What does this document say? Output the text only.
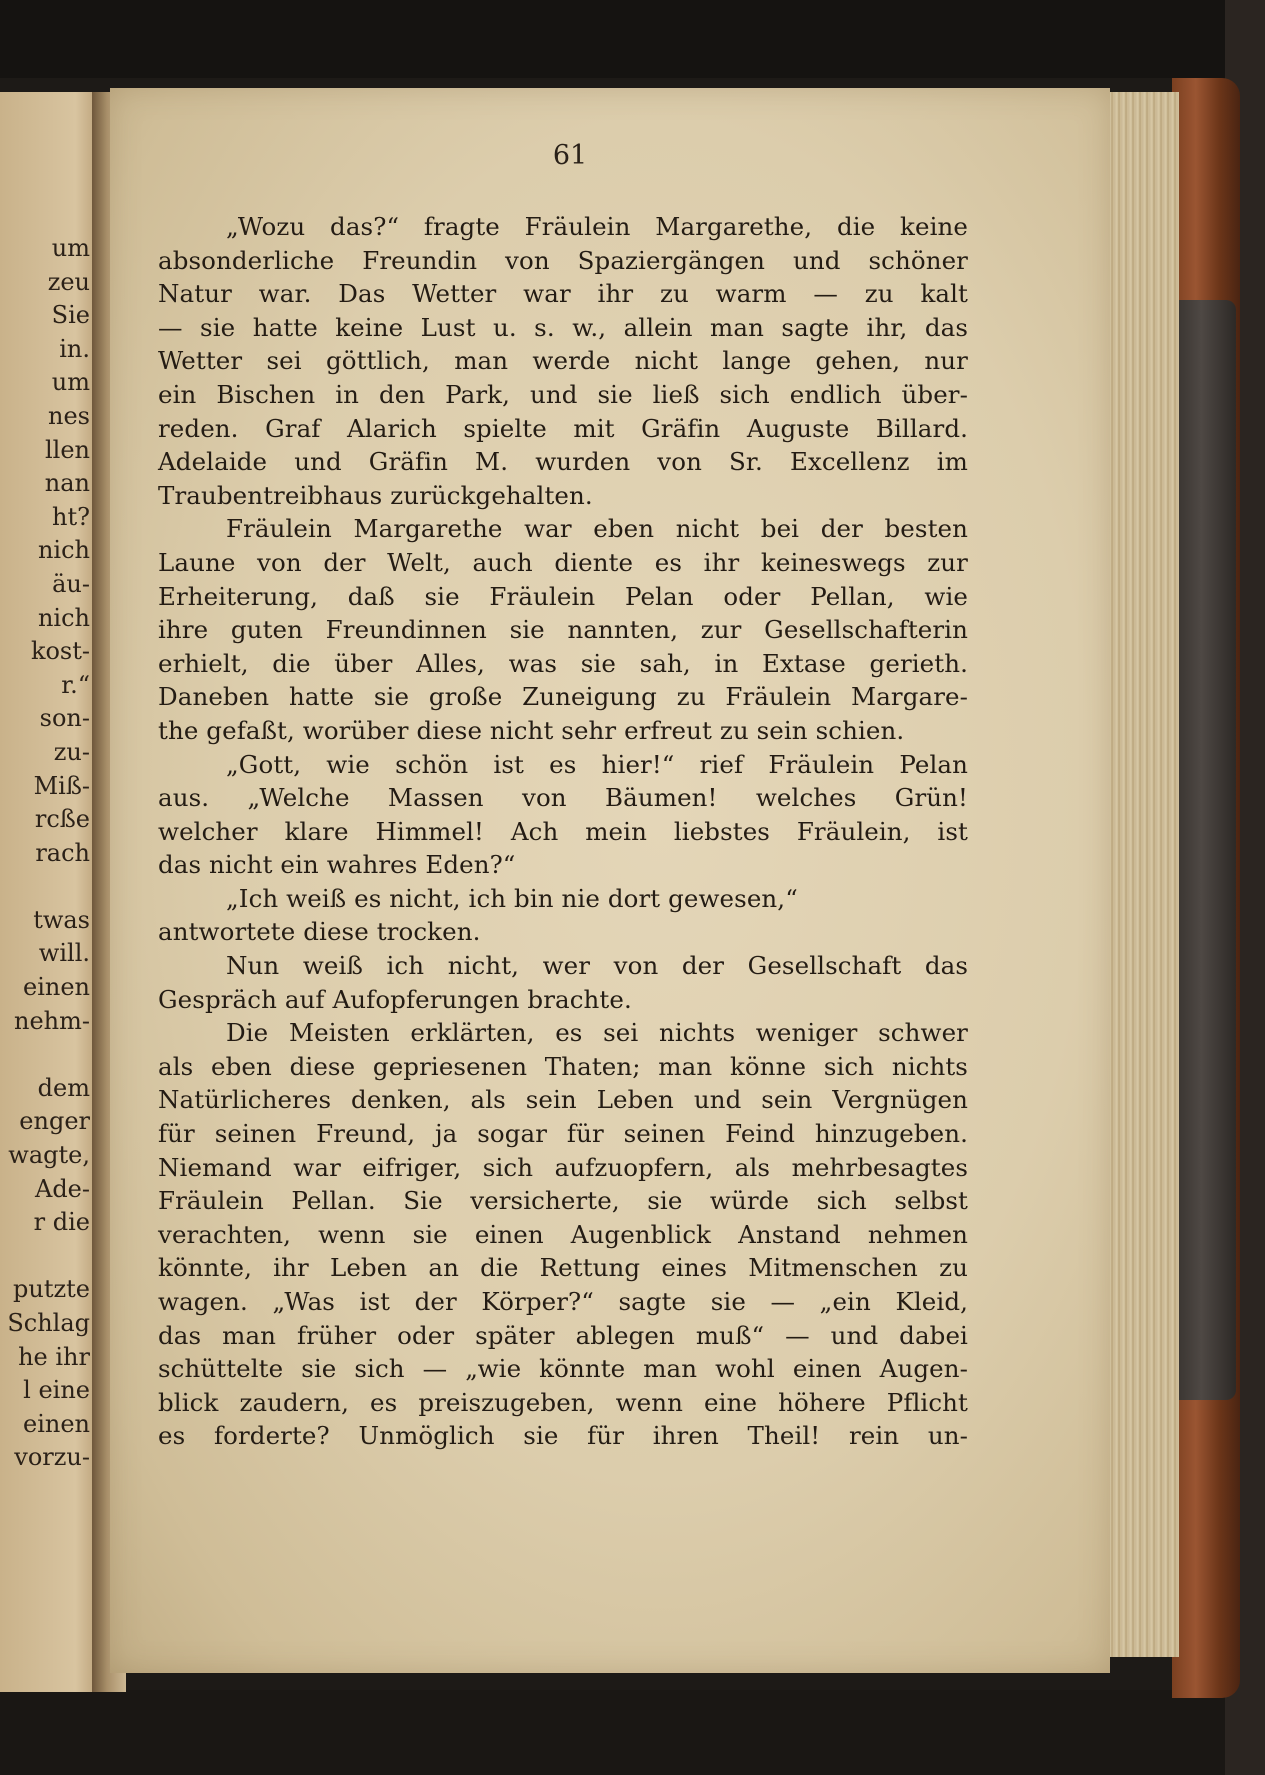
um
zeu
Sie
in.
um
nes
llen
nan
ht?
nich
äu-
nich
kost-
r.“
son-
zu-
Miß-
rcße
rach
twas
will.
einen
nehm-
dem
enger
wagte,
Ade-
r die
putzte
Schlag
he ihr
l eine
einen
vorzu-
61
„Wozu das?“ fragte Fräulein Margarethe, die keine
absonderliche Freundin von Spaziergängen und schöner
Natur war. Das Wetter war ihr zu warm — zu kalt
— sie hatte keine Lust u. s. w., allein man sagte ihr, das
Wetter sei göttlich, man werde nicht lange gehen, nur
ein Bischen in den Park, und sie ließ sich endlich über-
reden. Graf Alarich spielte mit Gräfin Auguste Billard.
Adelaide und Gräfin M. wurden von Sr. Excellenz im
Traubentreibhaus zurückgehalten.
Fräulein Margarethe war eben nicht bei der besten
Laune von der Welt, auch diente es ihr keineswegs zur
Erheiterung, daß sie Fräulein Pelan oder Pellan, wie
ihre guten Freundinnen sie nannten, zur Gesellschafterin
erhielt, die über Alles, was sie sah, in Extase gerieth.
Daneben hatte sie große Zuneigung zu Fräulein Margare-
the gefaßt, worüber diese nicht sehr erfreut zu sein schien.
„Gott, wie schön ist es hier!“ rief Fräulein Pelan
aus. „Welche Massen von Bäumen! welches Grün!
welcher klare Himmel! Ach mein liebstes Fräulein, ist
das nicht ein wahres Eden?“
„Ich weiß es nicht, ich bin nie dort gewesen,“
antwortete diese trocken.
Nun weiß ich nicht, wer von der Gesellschaft das
Gespräch auf Aufopferungen brachte.
Die Meisten erklärten, es sei nichts weniger schwer
als eben diese gepriesenen Thaten; man könne sich nichts
Natürlicheres denken, als sein Leben und sein Vergnügen
für seinen Freund, ja sogar für seinen Feind hinzugeben.
Niemand war eifriger, sich aufzuopfern, als mehrbesagtes
Fräulein Pellan. Sie versicherte, sie würde sich selbst
verachten, wenn sie einen Augenblick Anstand nehmen
könnte, ihr Leben an die Rettung eines Mitmenschen zu
wagen. „Was ist der Körper?“ sagte sie — „ein Kleid,
das man früher oder später ablegen muß“ — und dabei
schüttelte sie sich — „wie könnte man wohl einen Augen-
blick zaudern, es preiszugeben, wenn eine höhere Pflicht
es forderte? Unmöglich sie für ihren Theil! rein un-
